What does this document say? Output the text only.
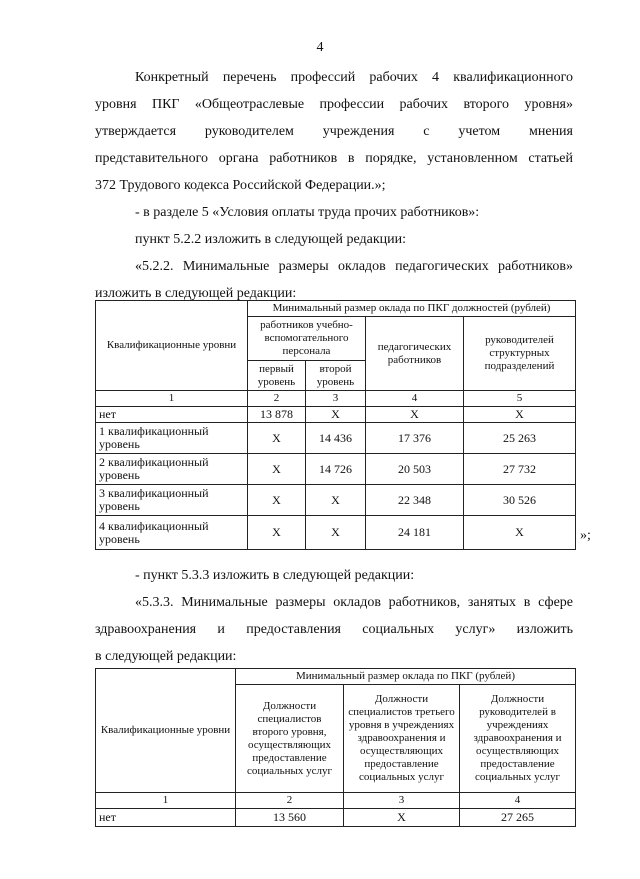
4

Конкретный перечень профессий рабочих 4 квалификационного
уровня ПКГ «Общеотраслевые профессии рабочих второго уровня»
утверждается руководителем учреждения с учетом мнения
представительного органа работников в порядке, установленном статьей
372 Трудового кодекса Российской Федерации.»;

- в разделе 5 «Условия оплаты труда прочих работников»:

пункт 5.2.2 изложить в следующей редакции:

«5.2.2. Минимальные размеры окладов педагогических работников»
изложить в следующей редакции:

Квалификационные уровни	Минимальный размер оклада по ПКГ должностей (рублей)			
	работников учебно-вспомогательного персонала		педагогических работников	руководителей структурных подразделений
	первый уровень	второй уровень		
1	2	3	4	5
нет	13 878	Х	Х	Х
1 квалификационный уровень	Х	14 436	17 376	25 263
2 квалификационный уровень	Х	14 726	20 503	27 732
3 квалификационный уровень	Х	Х	22 348	30 526
4 квалификационный уровень	Х	Х	24 181	Х	»;

- пункт 5.3.3 изложить в следующей редакции:

«5.3.3. Минимальные размеры окладов работников, занятых в сфере
здравоохранения и предоставления социальных услуг» изложить
в следующей редакции:

Квалификационные уровни	Минимальный размер оклада по ПКГ (рублей)		
	Должности специалистов второго уровня, осуществляющих предоставление социальных услуг	Должности специалистов третьего уровня в учреждениях здравоохранения и осуществляющих предоставление социальных услуг	Должности руководителей в учреждениях здравоохранения и осуществляющих предоставление социальных услуг
1	2	3	4
нет	13 560	Х	27 265
